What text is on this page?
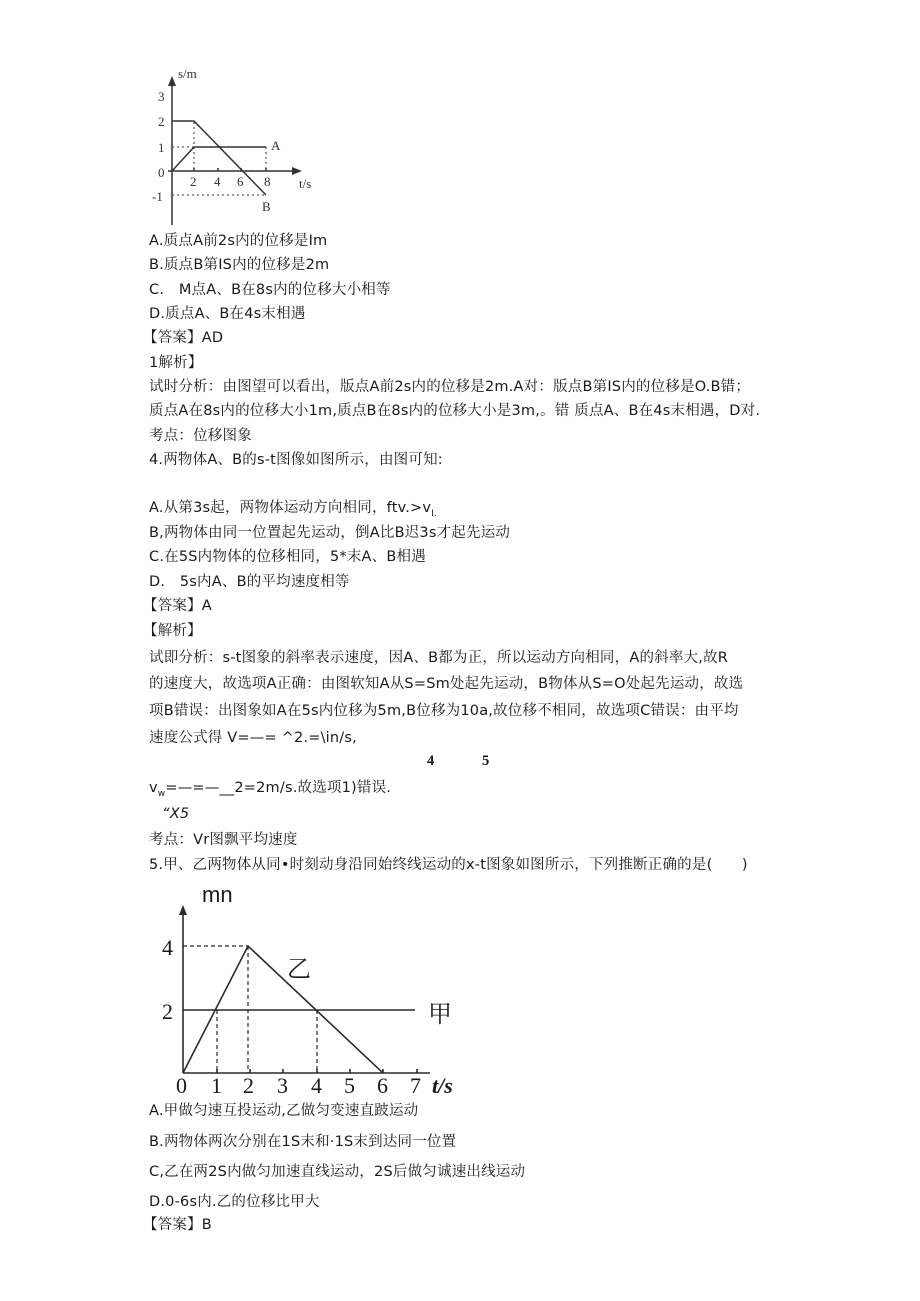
s/m
3
2
1
0
-1
2 4 6 8 t/s
A
B
A.质点A前2s内的位移是Im
B.质点B第IS内的位移是2m
C.　M点A、B在8s内的位移大小相等
D.质点A、B在4s末相遇
【答案】AD
1解析】
试时分析：由图望可以看出，版点A前2s内的位移是2m.A对：版点B第IS内的位移是O.B错；
质点A在8s内的位移大小1m,质点B在8s内的位移大小是3m,。错 质点A、B在4s末相遇，D对.
考点：位移图象
4.两物体A、B的s-t图像如图所示，由图可知:
A.从第3s起，两物体运动方向相同，$ftv.>v_{I.}$
B,两物体由同一位置起先运动，倒A比B迟3s才起先运动
C.在5S内物体的位移相同，5*末A、B相遇
D.　5s内A、B的平均速度相等
【答案】A
【解析】
试即分析：s-t图象的斜率表示速度，因A、B都为正，所以运动方向相同，A的斜率大,故R
的速度大，故选项A正确：由图软知A从S=Sm处起先运动，B物体从S=O处起先运动，故选
项B错误：出图象如A在5s内位移为5m,B位移为10a,故位移不相同，故选项C错误：由平均
速度公式得 V=—= ^2.=\in/s,
4	5
$v_w=—=—\_\_2=2m/s$.故选项1)错误.
“X5
考点：Vr图飘平均速度
5.甲、乙两物体从同•时刻动身沿同始终线运动的x-t图象如图所示，下列推断正确的是(　　)
mn
4
2
0 1 2 3 4 5 6 7 t/s
乙
甲
A.甲做匀速互投运动,乙做匀变速直跛运动
B.两物体两次分别在1S末和·1S末到达同一位置
C,乙在两2S内做匀加速直线运动，2S后做匀诚速出线运动
D.0-6s内.乙的位移比甲大
【答案】B
